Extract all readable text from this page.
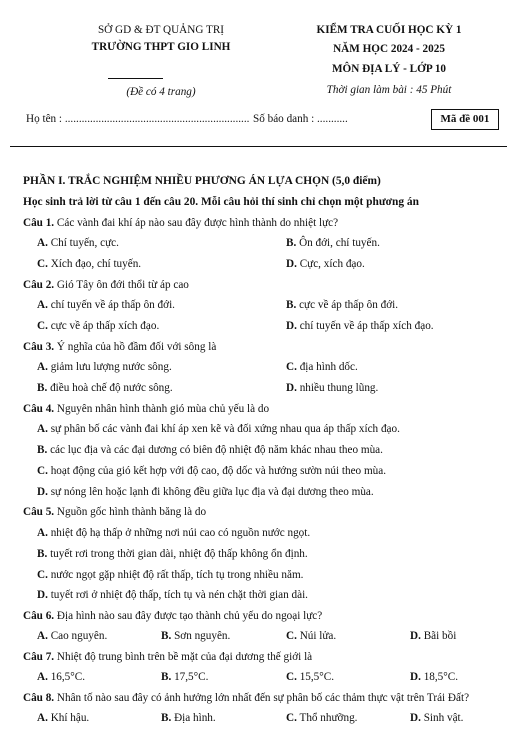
SỞ GD & ĐT QUẢNG TRỊ
TRƯỜNG THPT GIO LINH
(Đề có 4 trang)
KIỂM TRA CUỐI HỌC KỲ 1
NĂM HỌC 2024 - 2025
MÔN ĐỊA LÝ - LỚP 10
Thời gian làm bài : 45 Phút
Họ tên : .................................................................. Số báo danh : ...........	Mã đề 001
PHẦN I. TRẮC NGHIỆM NHIỀU PHƯƠNG ÁN LỰA CHỌN (5,0 điểm)
Học sinh trả lời từ câu 1 đến câu 20. Mỗi câu hỏi thí sinh chỉ chọn một phương án
Câu 1. Các vành đai khí áp nào sau đây được hình thành do nhiệt lực?
A. Chí tuyến, cực.	B. Ôn đới, chí tuyến.
C. Xích đạo, chí tuyến.	D. Cực, xích đạo.
Câu 2. Gió Tây ôn đới thổi từ áp cao
A. chí tuyến về áp thấp ôn đới.	B. cực về áp thấp ôn đới.
C. cực về áp thấp xích đạo.	D. chí tuyến về áp thấp xích đạo.
Câu 3. Ý nghĩa của hồ đầm đối với sông là
A. giảm lưu lượng nước sông.	C. địa hình dốc.
B. điều hoà chế độ nước sông.	D. nhiều thung lũng.
Câu 4. Nguyên nhân hình thành gió mùa chủ yếu là do
A. sự phân bố các vành đai khí áp xen kẽ và đối xứng nhau qua áp thấp xích đạo.
B. các lục địa và các đại dương có biên độ nhiệt độ năm khác nhau theo mùa.
C. hoạt động của gió kết hợp với độ cao, độ dốc và hướng sườn núi theo mùa.
D. sự nóng lên hoặc lạnh đi không đều giữa lục địa và đại dương theo mùa.
Câu 5. Nguồn gốc hình thành băng là do
A. nhiệt độ hạ thấp ở những nơi núi cao có nguồn nước ngọt.
B. tuyết rơi trong thời gian dài, nhiệt độ thấp không ổn định.
C. nước ngọt gặp nhiệt độ rất thấp, tích tụ trong nhiều năm.
D. tuyết rơi ở nhiệt độ thấp, tích tụ và nén chặt thời gian dài.
Câu 6. Địa hình nào sau đây được tạo thành chủ yếu do ngoại lực?
A. Cao nguyên.	B. Sơn nguyên.	C. Núi lửa.	D. Bãi bồi
Câu 7. Nhiệt độ trung bình trên bề mặt của đại dương thế giới là
A. 16,5°C.	B. 17,5°C.	C. 15,5°C.	D. 18,5°C.
Câu 8. Nhân tố nào sau đây có ảnh hưởng lớn nhất đến sự phân bố các thảm thực vật trên Trái Đất?
A. Khí hậu.	B. Địa hình.	C. Thổ nhưỡng.	D. Sinh vật.
